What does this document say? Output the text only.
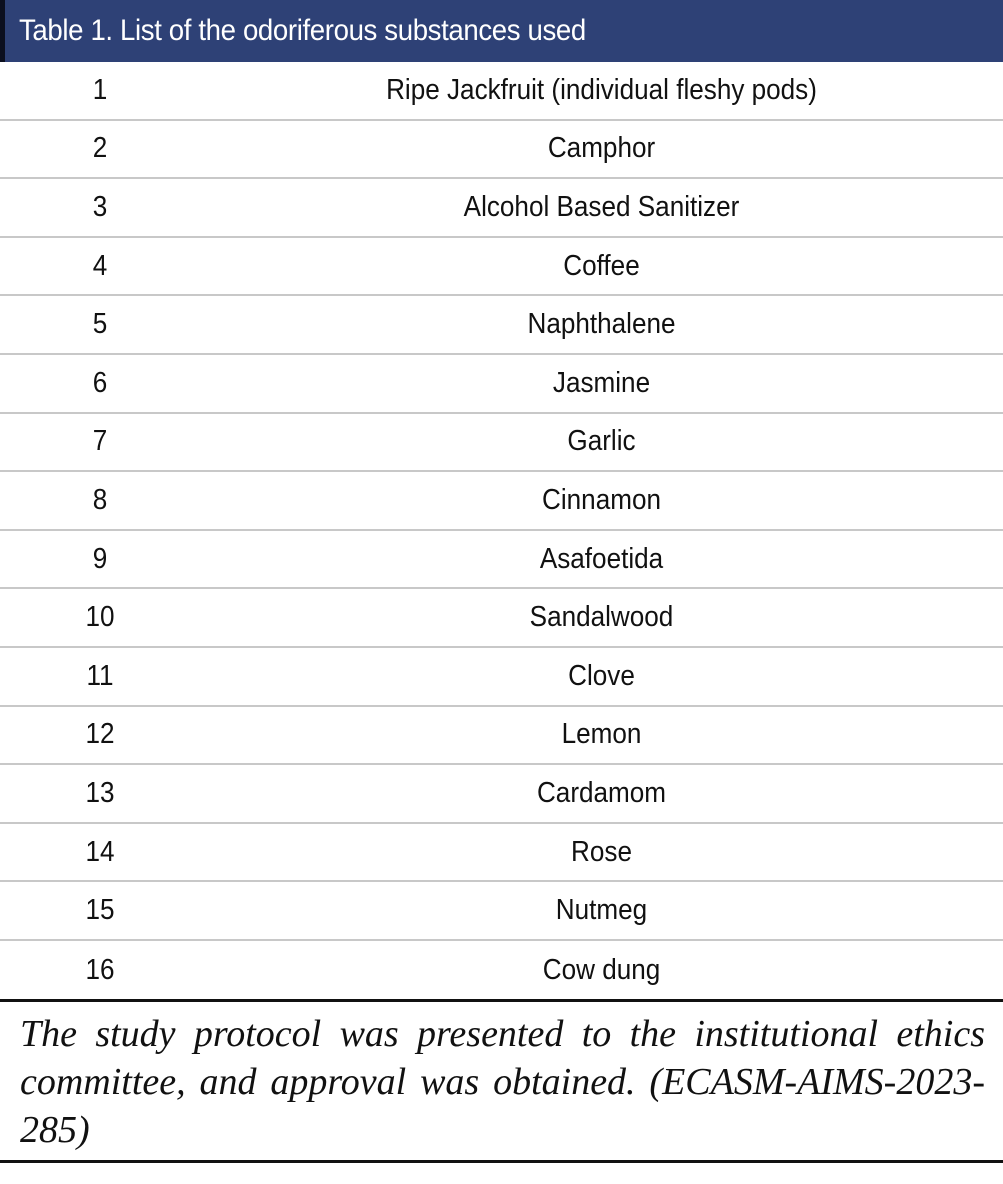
Table 1. List of the odoriferous substances used
1	Ripe Jackfruit (individual fleshy pods)
2	Camphor
3	Alcohol Based Sanitizer
4	Coffee
5	Naphthalene
6	Jasmine
7	Garlic
8	Cinnamon
9	Asafoetida
10	Sandalwood
11	Clove
12	Lemon
13	Cardamom
14	Rose
15	Nutmeg
16	Cow dung
The study protocol was presented to the institutional ethics committee, and approval was obtained. (ECASM-AIMS-2023-285)
